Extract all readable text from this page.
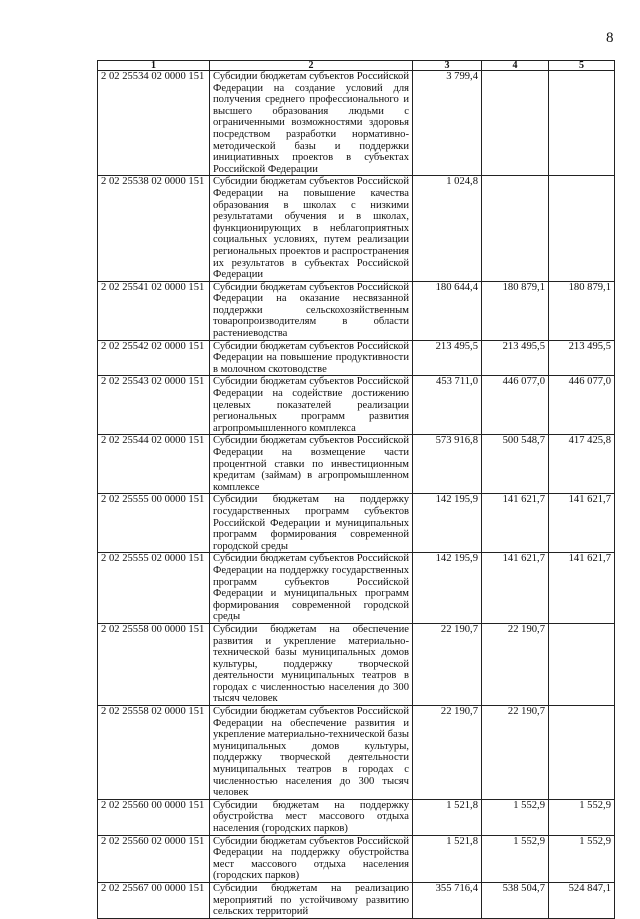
8
1	2	3	4	5
2 02 25534 02 0000 151	Субсидии бюджетам субъектов Российской Федерации на создание условий для получения среднего профессионального и высшего образования людьми с ограниченными возможностями здоровья посредством разработки нормативно-методической базы и поддержки инициативных проектов в субъектах Российской Федерации	3 799,4		
2 02 25538 02 0000 151	Субсидии бюджетам субъектов Российской Федерации на повышение качества образования в школах с низкими результатами обучения и в школах, функционирующих в неблагоприятных социальных условиях, путем реализации региональных проектов и распространения их результатов в субъектах Российской Федерации	1 024,8		
2 02 25541 02 0000 151	Субсидии бюджетам субъектов Российской Федерации на оказание несвязанной поддержки сельскохозяйственным товаропроизводителям в области растениеводства	180 644,4	180 879,1	180 879,1
2 02 25542 02 0000 151	Субсидии бюджетам субъектов Российской Федерации на повышение продуктивности в молочном скотоводстве	213 495,5	213 495,5	213 495,5
2 02 25543 02 0000 151	Субсидии бюджетам субъектов Российской Федерации на содействие достижению целевых показателей реализации региональных программ развития агропромышленного комплекса	453 711,0	446 077,0	446 077,0
2 02 25544 02 0000 151	Субсидии бюджетам субъектов Российской Федерации на возмещение части процентной ставки по инвестиционным кредитам (займам) в агропромышленном комплексе	573 916,8	500 548,7	417 425,8
2 02 25555 00 0000 151	Субсидии бюджетам на поддержку государственных программ субъектов Российской Федерации и муниципальных программ формирования современной городской среды	142 195,9	141 621,7	141 621,7
2 02 25555 02 0000 151	Субсидии бюджетам субъектов Российской Федерации на поддержку государственных программ субъектов Российской Федерации и муниципальных программ формирования современной городской среды	142 195,9	141 621,7	141 621,7
2 02 25558 00 0000 151	Субсидии бюджетам на обеспечение развития и укрепление материально-технической базы муниципальных домов культуры, поддержку творческой деятельности муниципальных театров в городах с численностью населения до 300 тысяч человек	22 190,7	22 190,7	
2 02 25558 02 0000 151	Субсидии бюджетам субъектов Российской Федерации на обеспечение развития и укрепление материально-технической базы муниципальных домов культуры, поддержку творческой деятельности муниципальных театров в городах с численностью населения до 300 тысяч человек	22 190,7	22 190,7	
2 02 25560 00 0000 151	Субсидии бюджетам на поддержку обустройства мест массового отдыха населения (городских парков)	1 521,8	1 552,9	1 552,9
2 02 25560 02 0000 151	Субсидии бюджетам субъектов Российской Федерации на поддержку обустройства мест массового отдыха населения (городских парков)	1 521,8	1 552,9	1 552,9
2 02 25567 00 0000 151	Субсидии бюджетам на реализацию мероприятий по устойчивому развитию сельских территорий	355 716,4	538 504,7	524 847,1
